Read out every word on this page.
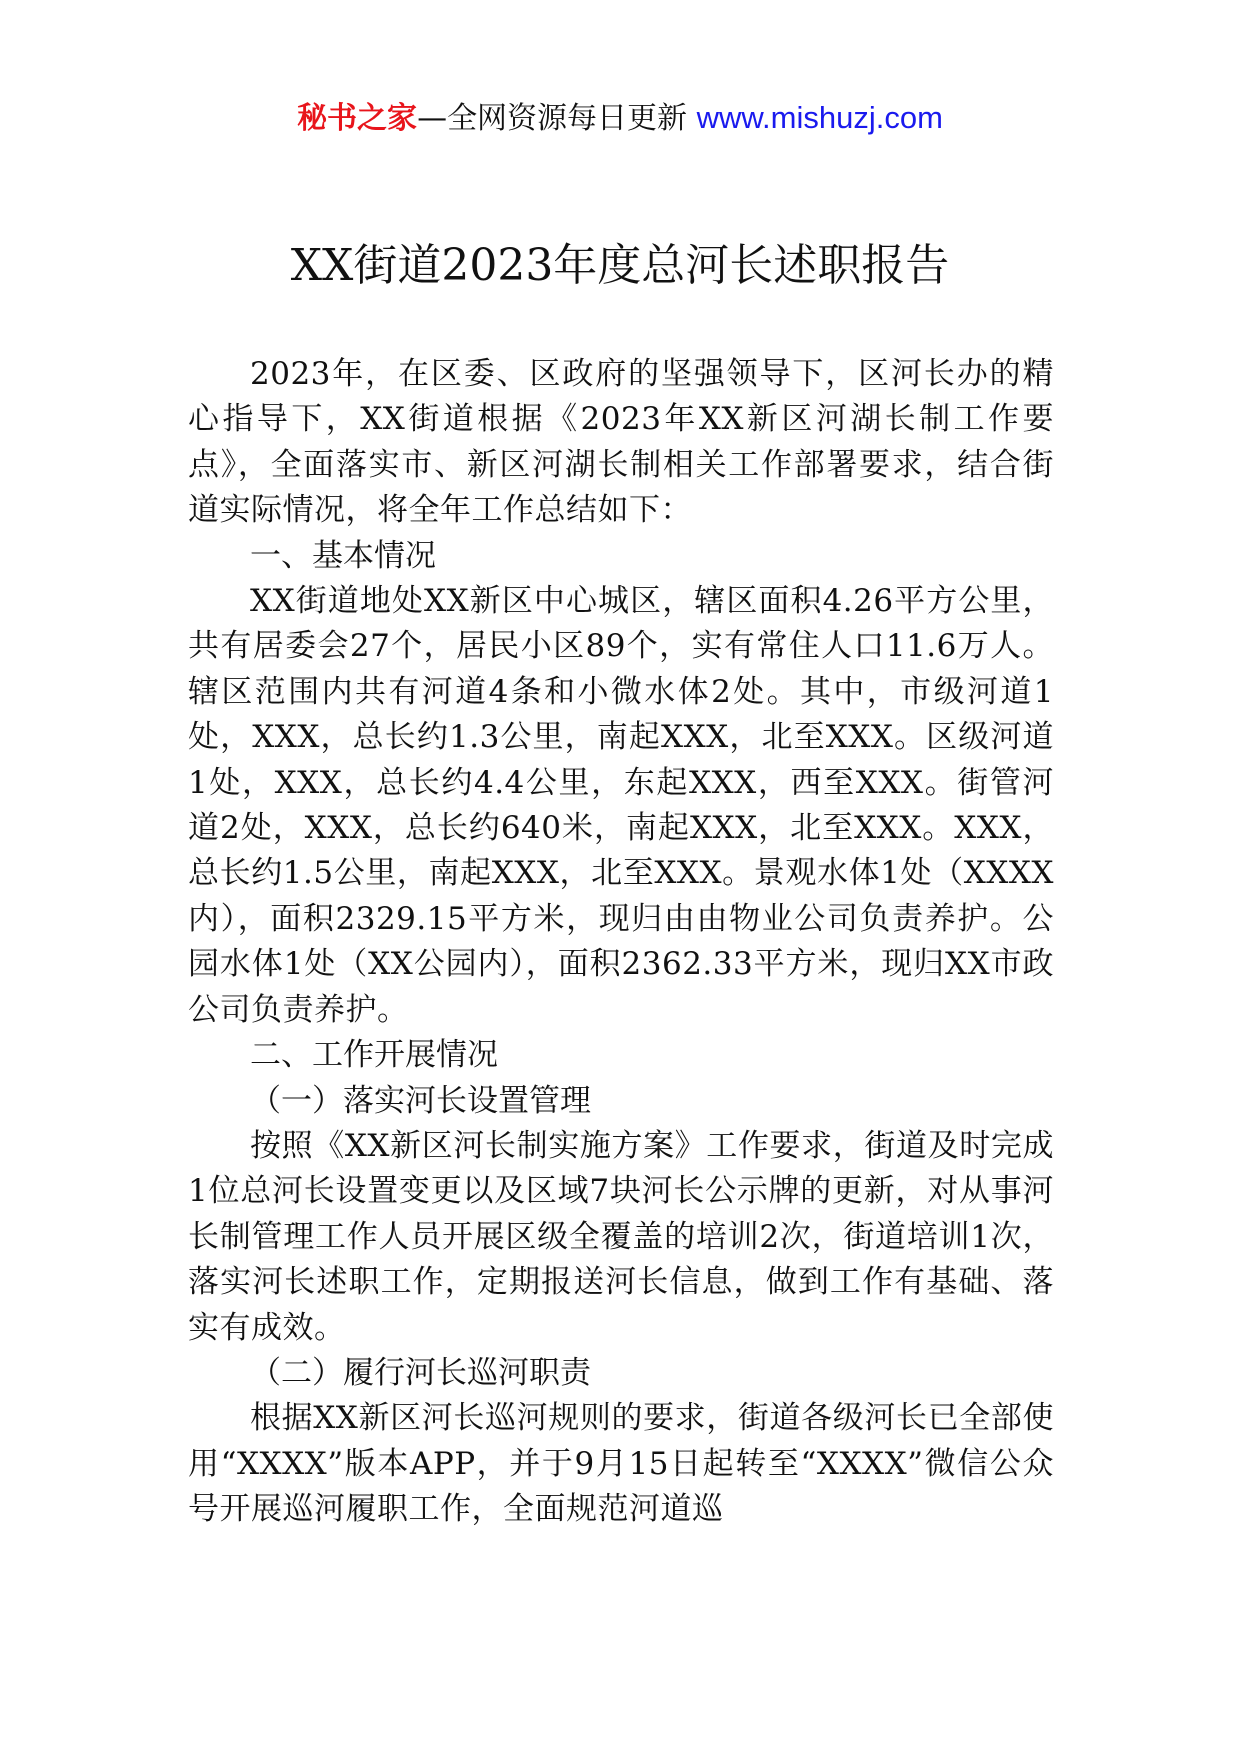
秘书之家—全网资源每日更新 www.mishuzj.com
XX街道2023年度总河长述职报告

2023年，在区委、区政府的坚强领导下，区河长办的精心指导下，XX街道根据《2023年XX新区河湖长制工作要点》，全面落实市、新区河湖长制相关工作部署要求，结合街道实际情况，将全年工作总结如下：

一、基本情况

XX街道地处XX新区中心城区，辖区面积4.26平方公里，共有居委会27个，居民小区89个，实有常住人口11.6万人。辖区范围内共有河道4条和小微水体2处。其中，市级河道1处，XXX，总长约1.3公里，南起XXX，北至XXX。区级河道1处，XXX，总长约4.4公里，东起XXX，西至XXX。街管河道2处，XXX，总长约640米，南起XXX，北至XXX。XXX，总长约1.5公里，南起XXX，北至XXX。景观水体1处（XXXX内），面积2329.15平方米，现归由由物业公司负责养护。公园水体1处（XX公园内），面积2362.33平方米，现归XX市政公司负责养护。

二、工作开展情况

（一）落实河长设置管理

按照《XX新区河长制实施方案》工作要求，街道及时完成1位总河长设置变更以及区域7块河长公示牌的更新，对从事河长制管理工作人员开展区级全覆盖的培训2次，街道培训1次，落实河长述职工作，定期报送河长信息，做到工作有基础、落实有成效。

（二）履行河长巡河职责

根据XX新区河长巡河规则的要求，街道各级河长已全部使用“XXXX”版本APP，并于9月15日起转至“XXXX”微信公众号开展巡河履职工作，全面规范河道巡
